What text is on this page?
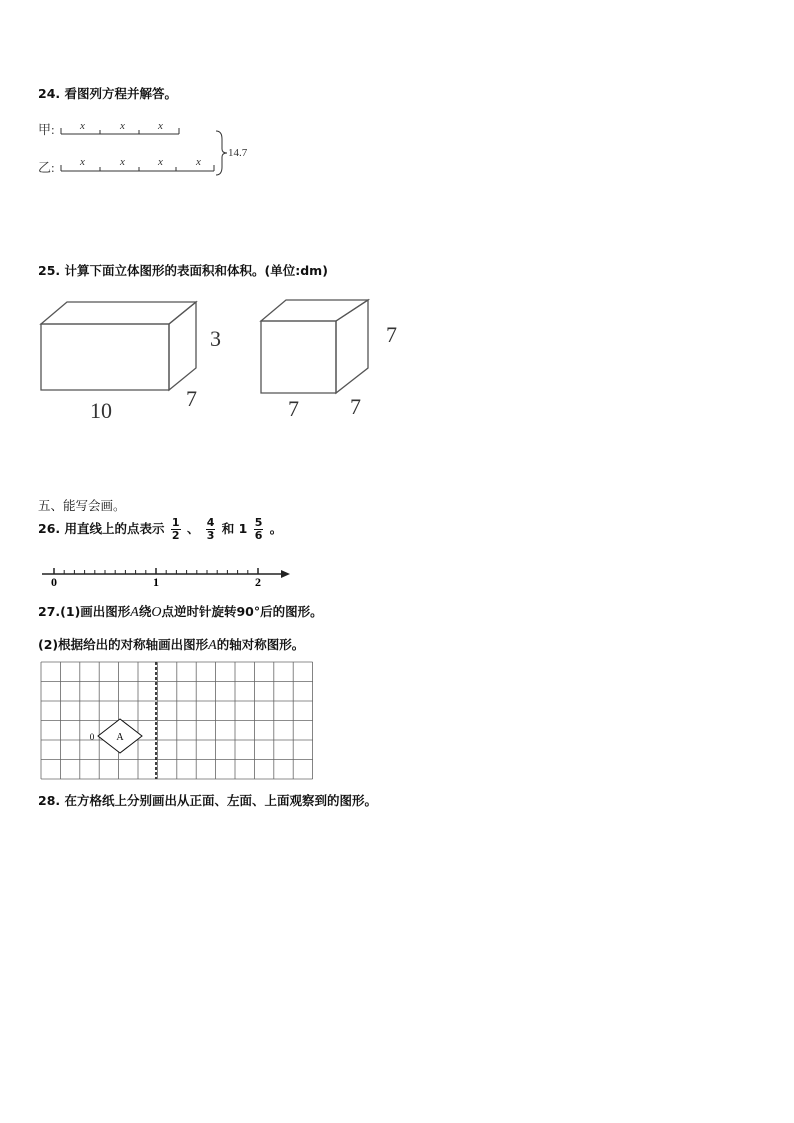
24. 看图列方程并解答。
甲:
乙:
x	x	x
x	x	x	x
14.7
25. 计算下面立体图形的表面积和体积。(单位:dm)
3
7
10
7
7 7
五、能写会画。
26. 用直线上的点表示 $\frac{1}{2}$ 、 $\frac{4}{3}$ 和 $1 \frac{5}{6}$ 。
0	1	2
27.(1)画出图形A绕O点逆时针旋转90°后的图形。
(2)根据给出的对称轴画出图形A的轴对称图形。
A
0
28. 在方格纸上分别画出从正面、左面、上面观察到的图形。
